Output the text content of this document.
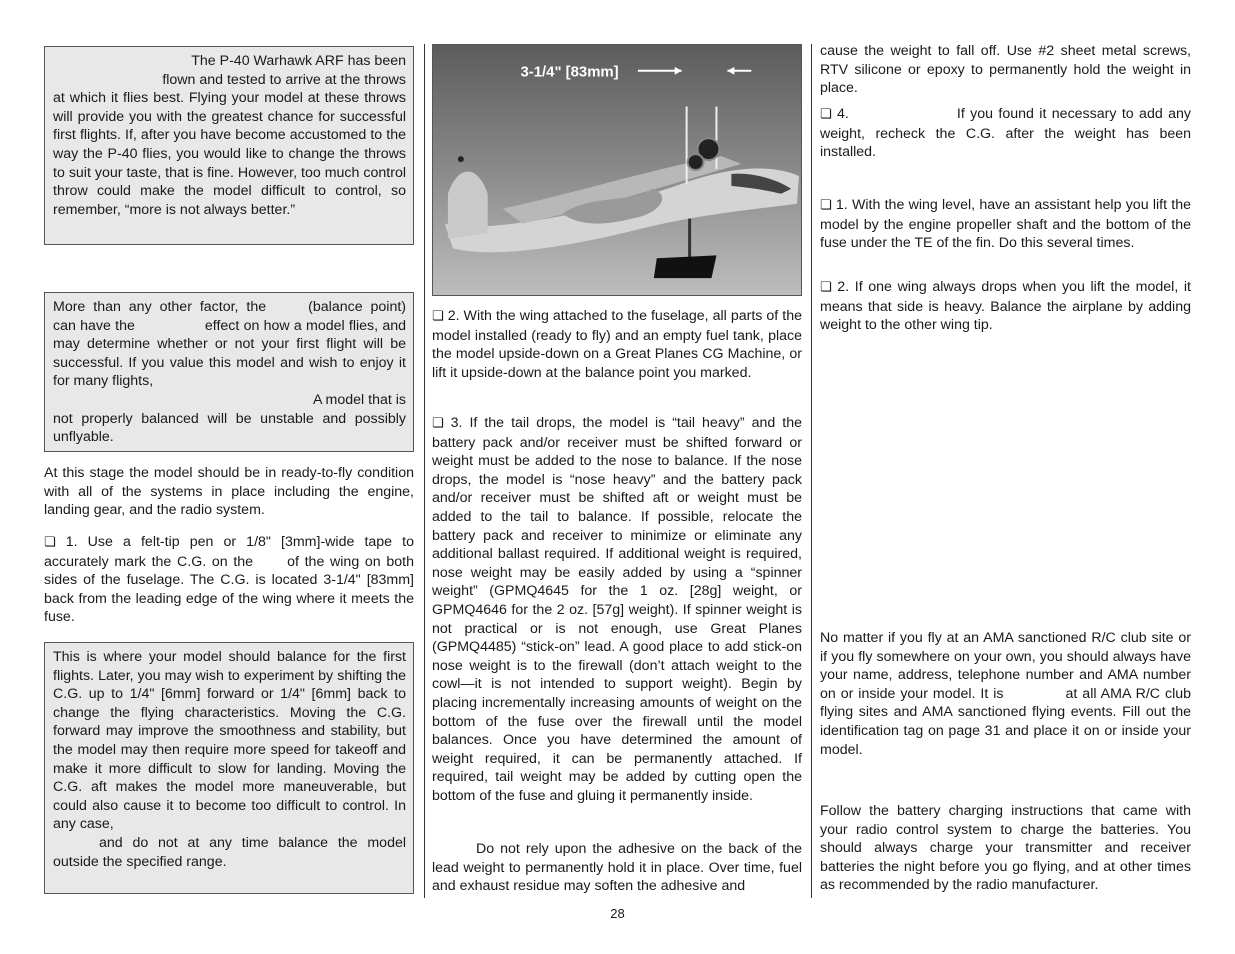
The P-40 Warhawk ARF has been
flown and tested to arrive at the throws
at which it flies best. Flying your model at these throws will provide you with the greatest chance for successful first flights. If, after you have become accustomed to the way the P-40 flies, you would like to change the throws to suit your taste, that is fine. However, too much control throw could make the model difficult to control, so remember, “more is not always better.”
More than any other factor, the	(balance point) can have the	effect on how a model flies, and may determine whether or not your first flight will be successful. If you value this model and wish to enjoy it for many flights,
A model that is
not properly balanced will be unstable and possibly unflyable.

At this stage the model should be in ready-to-fly condition with all of the systems in place including the engine, landing gear, and the radio system.

❏ 1. Use a felt-tip pen or 1/8" [3mm]-wide tape to accurately mark the C.G. on the of the wing on both sides of the fuselage. The C.G. is located 3-1/4" [83mm] back from the leading edge of the wing where it meets the fuse.

This is where your model should balance for the first flights. Later, you may wish to experiment by shifting the C.G. up to 1/4" [6mm] forward or 1/4" [6mm] back to change the flying characteristics. Moving the C.G. forward may improve the smoothness and stability, but the model may then require more speed for takeoff and make it more difficult to slow for landing. Moving the C.G. aft makes the model more maneuverable, but could also cause it to become too difficult to control. In any case,
and do not at any time balance the model outside the specified range.
3-1/4" [83mm]

❏ 2. With the wing attached to the fuselage, all parts of the model installed (ready to fly) and an empty fuel tank, place the model upside-down on a Great Planes CG Machine, or lift it upside-down at the balance point you marked.

❏ 3. If the tail drops, the model is “tail heavy” and the battery pack and/or receiver must be shifted forward or weight must be added to the nose to balance. If the nose drops, the model is “nose heavy” and the battery pack and/or receiver must be shifted aft or weight must be added to the tail to balance. If possible, relocate the battery pack and receiver to minimize or eliminate any additional ballast required. If additional weight is required, nose weight may be easily added by using a “spinner weight” (GPMQ4645 for the 1 oz. [28g] weight, or GPMQ4646 for the 2 oz. [57g] weight). If spinner weight is not practical or is not enough, use Great Planes (GPMQ4485) “stick-on” lead. A good place to add stick-on nose weight is to the firewall (don’t attach weight to the cowl—it is not intended to support weight). Begin by placing incrementally increasing amounts of weight on the bottom of the fuse over the firewall until the model balances. Once you have determined the amount of weight required, it can be permanently attached. If required, tail weight may be added by cutting open the bottom of the fuse and gluing it permanently inside.

Do not rely upon the adhesive on the back of the lead weight to permanently hold it in place. Over time, fuel and exhaust residue may soften the adhesive and

cause the weight to fall off. Use #2 sheet metal screws, RTV silicone or epoxy to permanently hold the weight in place.

❏ 4.	If you found it necessary to add any weight, recheck the C.G. after the weight has been installed.

❏ 1. With the wing level, have an assistant help you lift the model by the engine propeller shaft and the bottom of the fuse under the TE of the fin. Do this several times.

❏ 2. If one wing always drops when you lift the model, it means that side is heavy. Balance the airplane by adding weight to the other wing tip.

No matter if you fly at an AMA sanctioned R/C club site or if you fly somewhere on your own, you should always have your name, address, telephone number and AMA number on or inside your model. It is	at all AMA R/C club flying sites and AMA sanctioned flying events. Fill out the identification tag on page 31 and place it on or inside your model.

Follow the battery charging instructions that came with your radio control system to charge the batteries. You should always charge your transmitter and receiver batteries the night before you go flying, and at other times as recommended by the radio manufacturer.

28
